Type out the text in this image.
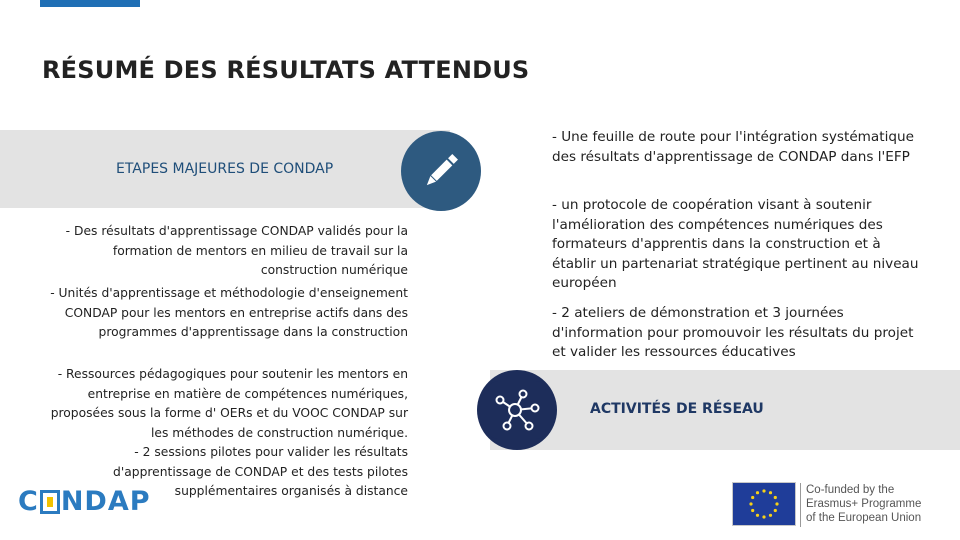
RÉSUMÉ DES RÉSULTATS ATTENDUS
ETAPES MAJEURES DE CONDAP
- Des résultats d'apprentissage CONDAP validés pour la formation de mentors en milieu de travail sur la construction numérique
- Unités d'apprentissage et méthodologie d'enseignement CONDAP pour les mentors en entreprise actifs dans des programmes d'apprentissage dans la construction
- Ressources pédagogiques pour soutenir les mentors en entreprise en matière de compétences numériques, proposées sous la forme d' OERs et du VOOC CONDAP sur les méthodes de construction numérique.
- 2 sessions pilotes pour valider les résultats d'apprentissage de CONDAP et des tests pilotes supplémentaires organisés à distance
- Une feuille de route pour l'intégration systématique des résultats d'apprentissage de CONDAP dans l'EFP
- un protocole de coopération visant à soutenir l'amélioration des compétences numériques des formateurs d'apprentis dans la construction et à établir un partenariat stratégique pertinent au niveau européen
- 2 ateliers de démonstration et 3 journées d'information pour promouvoir les résultats du projet et valider les ressources éducatives
ACTIVITÉS DE RÉSEAU
C NDAP	Co-funded by the
Erasmus+ Programme
of the European Union
